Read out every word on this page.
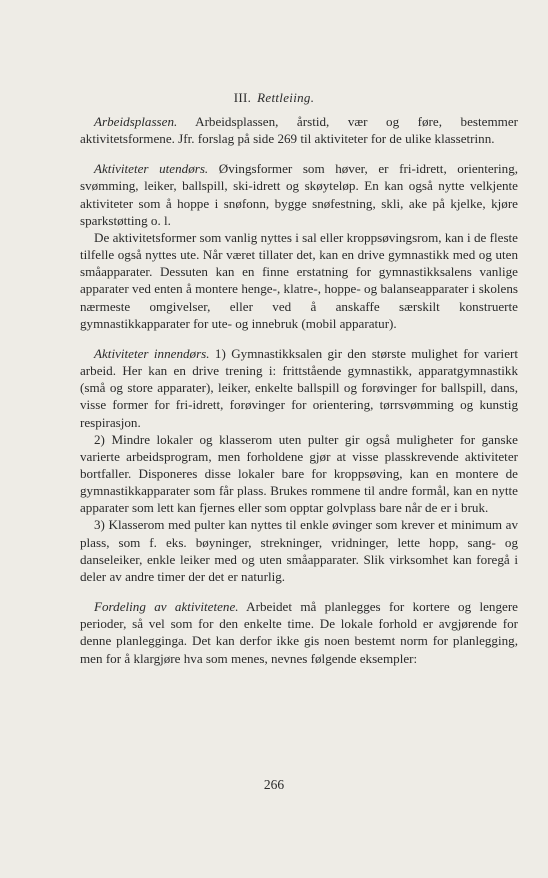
III. Rettleiing.

Arbeidsplassen. Arbeidsplassen, årstid, vær og føre, bestemmer aktivitetsformene. Jfr. forslag på side 269 til aktiviteter for de ulike klassetrinn.

Aktiviteter utendørs. Øvingsformer som høver, er fri-idrett, orientering, svømming, leiker, ballspill, ski-idrett og skøyteløp. En kan også nytte velkjente aktiviteter som å hoppe i snøfonn, bygge snøfestning, skli, ake på kjelke, kjøre sparkstøtting o. l.

De aktivitetsformer som vanlig nyttes i sal eller kroppsøvingsrom, kan i de fleste tilfelle også nyttes ute. Når været tillater det, kan en drive gymnastikk med og uten småapparater. Dessuten kan en finne erstatning for gymnastikksalens vanlige apparater ved enten å montere henge-, klatre-, hoppe- og balanseapparater i skolens nærmeste omgivelser, eller ved å anskaffe særskilt konstruerte gymnastikkapparater for ute- og innebruk (mobil apparatur).

Aktiviteter innendørs. 1) Gymnastikksalen gir den største mulighet for variert arbeid. Her kan en drive trening i: frittstående gymnastikk, apparatgymnastikk (små og store apparater), leiker, enkelte ballspill og forøvinger for ballspill, dans, visse former for fri-idrett, forøvinger for orientering, tørrsvømming og kunstig respirasjon.

2) Mindre lokaler og klasserom uten pulter gir også muligheter for ganske varierte arbeidsprogram, men forholdene gjør at visse plasskrevende aktiviteter bortfaller. Disponeres disse lokaler bare for kroppsøving, kan en montere de gymnastikkapparater som får plass. Brukes rommene til andre formål, kan en nytte apparater som lett kan fjernes eller som opptar golvplass bare når de er i bruk.

3) Klasserom med pulter kan nyttes til enkle øvinger som krever et minimum av plass, som f. eks. bøyninger, strekninger, vridninger, lette hopp, sang- og danseleiker, enkle leiker med og uten småapparater. Slik virksomhet kan foregå i deler av andre timer der det er naturlig.

Fordeling av aktivitetene. Arbeidet må planlegges for kortere og lengere perioder, så vel som for den enkelte time. De lokale forhold er avgjørende for denne planlegginga. Det kan derfor ikke gis noen bestemt norm for planlegging, men for å klargjøre hva som menes, nevnes følgende eksempler:

266
